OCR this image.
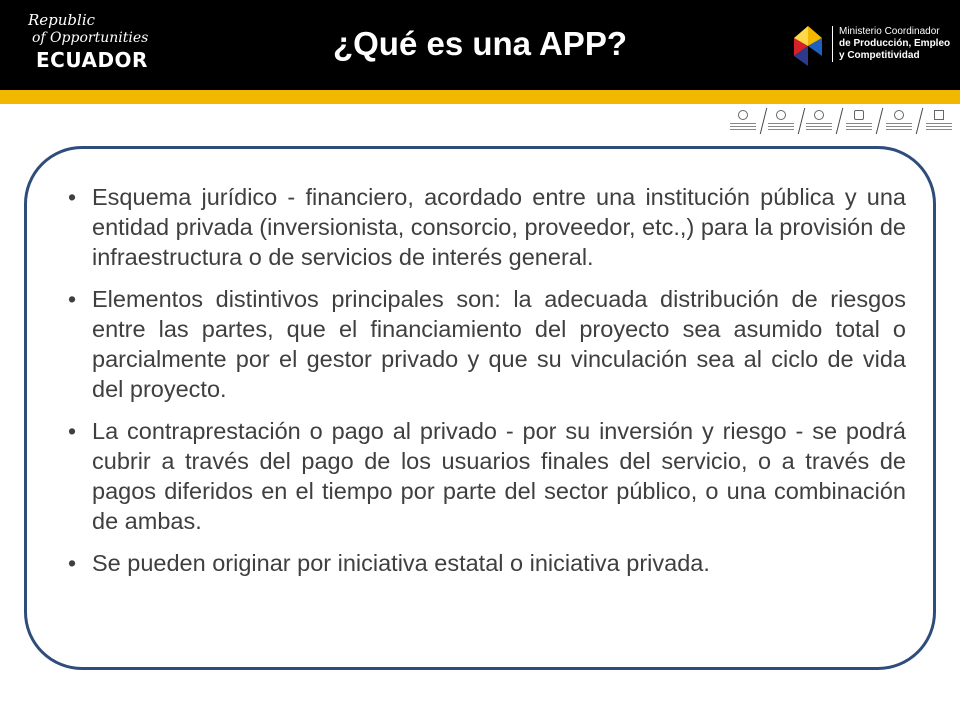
Republic
of Opportunities
ECUADOR	¿Qué es una APP?	Ministerio Coordinador
de Producción, Empleo
y Competitividad
• Esquema jurídico - financiero, acordado entre una institución pública y una entidad privada (inversionista, consorcio, proveedor, etc.,) para la provisión de infraestructura o de servicios de interés general.
• Elementos distintivos principales son: la adecuada distribución de riesgos entre las partes, que el financiamiento del proyecto sea asumido total o parcialmente por el gestor privado y que su vinculación sea al ciclo de vida del proyecto.
• La contraprestación o pago al privado - por su inversión y riesgo - se podrá cubrir a través del pago de los usuarios finales del servicio, o a través de pagos diferidos en el tiempo por parte del sector público, o una combinación de ambas.
• Se pueden originar por iniciativa estatal o iniciativa privada.
